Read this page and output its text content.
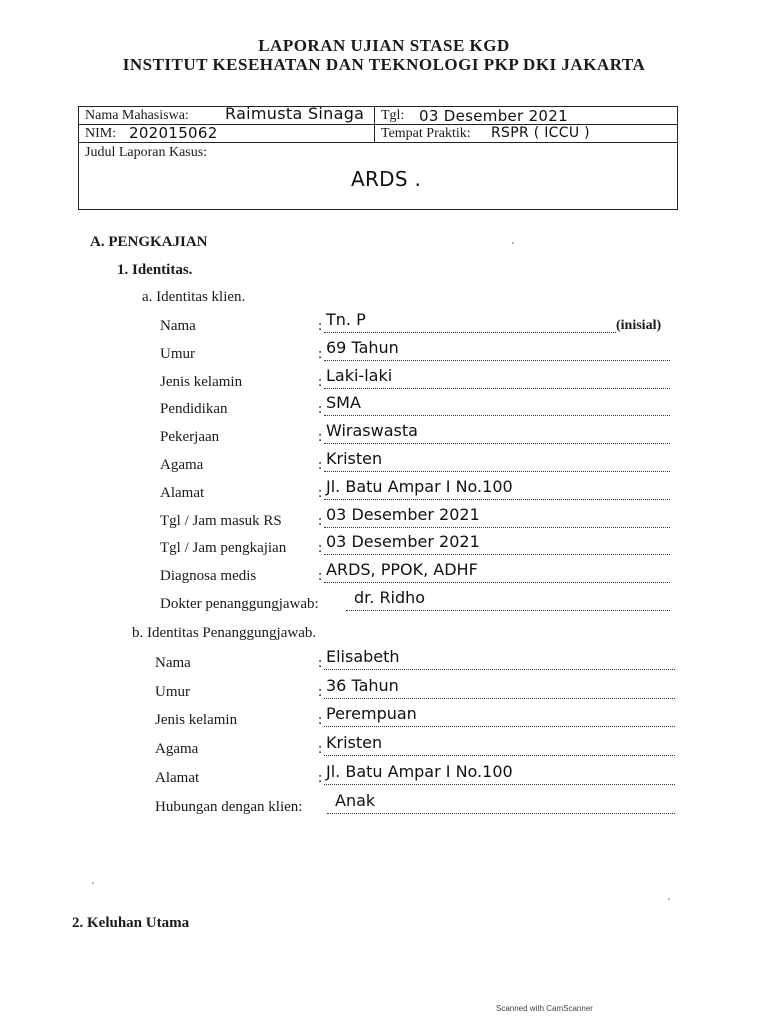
LAPORAN UJIAN STASE KGD
INSTITUT KESEHATAN DAN TEKNOLOGI PKP DKI JAKARTA
Nama Mahasiswa: Raimusta Sinaga Tgl: 03 Desember 2021
NIM: 202015062	Tempat Praktik: RSPR ( ICCU )
Judul Laporan Kasus:
ARDS .
A. PENGKAJIAN
1. Identitas.
a. Identitas klien.
Nama	: Tn. P	(inisial)
Umur	: 69 Tahun
Jenis kelamin	: Laki-laki
Pendidikan	: SMA
Pekerjaan	: Wiraswasta
Agama	: Kristen
Alamat	: Jl. Batu Ampar I No.100
Tgl / Jam masuk RS : 03 Desember 2021
Tgl / Jam pengkajian : 03 Desember 2021
Diagnosa medis	: ARDS, PPOK, ADHF
Dokter penanggungjawab: dr. Ridho
b. Identitas Penanggungjawab.
Nama	: Elisabeth
Umur	: 36 Tahun
Jenis kelamin	: Perempuan
Agama	: Kristen
Alamat	: Jl. Batu Ampar I No.100
Hubungan dengan klien: Anak
2. Keluhan Utama
Scanned with CamScanner
